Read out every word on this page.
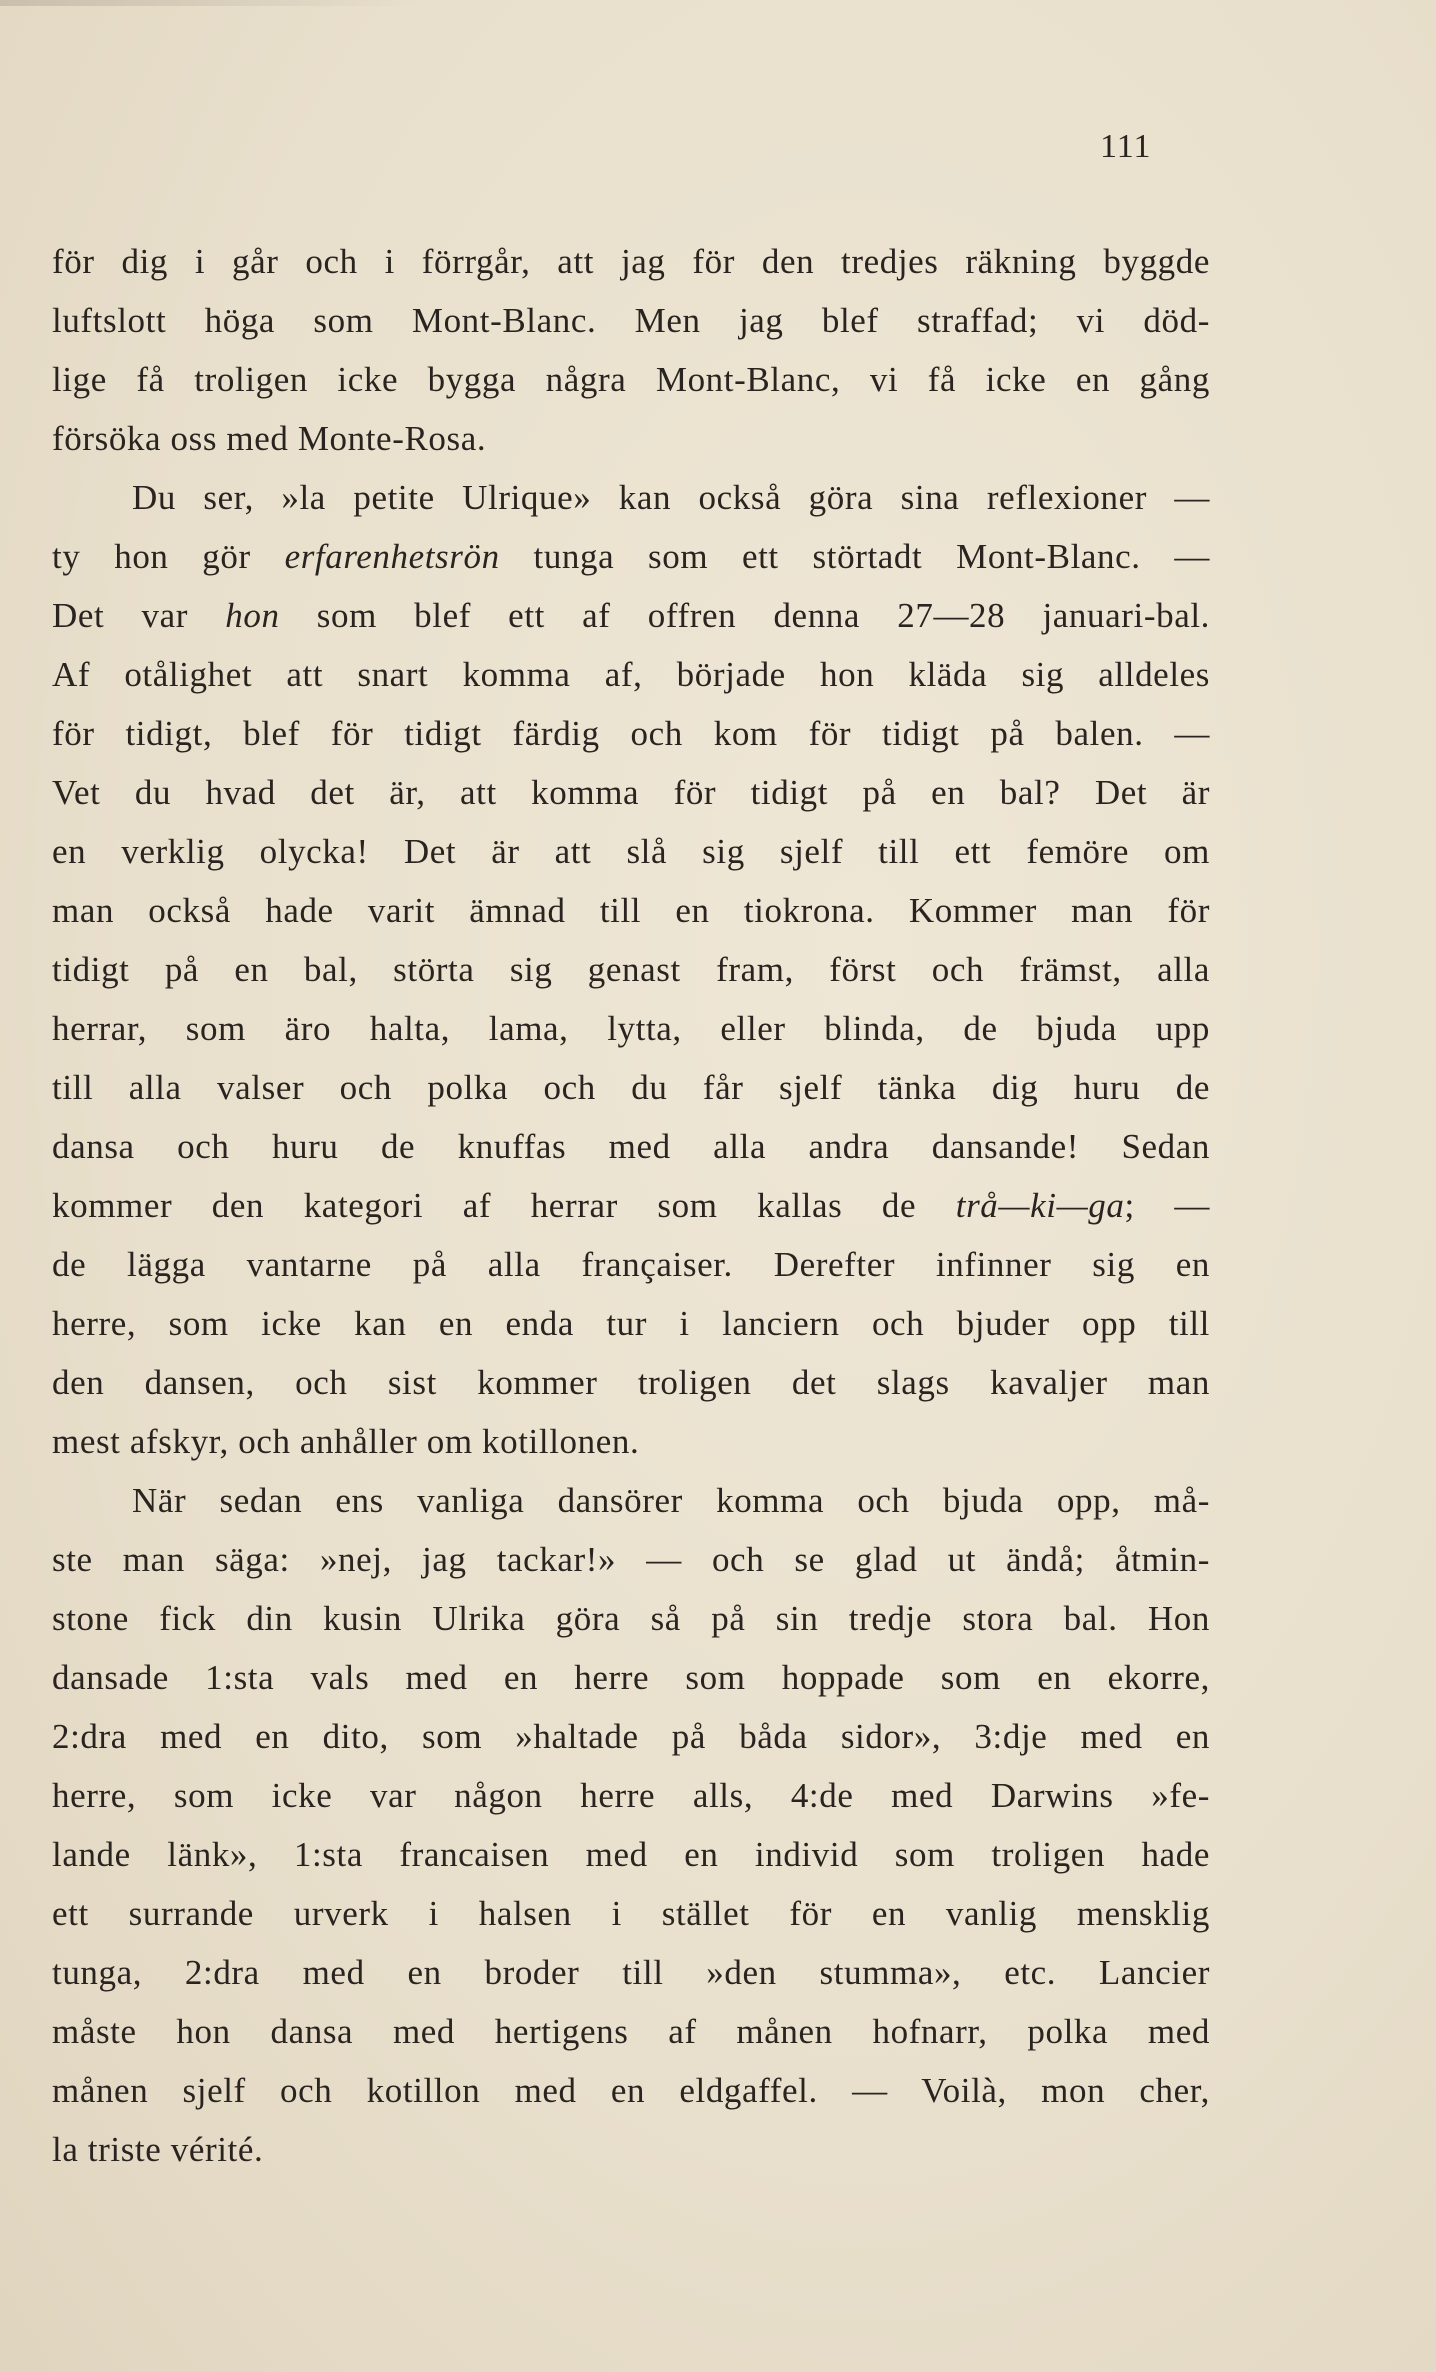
111
för dig i går och i förrgår, att jag för den tredjes räkning byggde
luftslott höga som Mont-Blanc. Men jag blef straffad; vi död-
lige få troligen icke bygga några Mont-Blanc, vi få icke en gång
försöka oss med Monte-Rosa.
Du ser, »la petite Ulrique» kan också göra sina reflexioner —
ty hon gör erfarenhetsrön tunga som ett störtadt Mont-Blanc. —
Det var hon som blef ett af offren denna 27—28 januari-bal.
Af otålighet att snart komma af, började hon kläda sig alldeles
för tidigt, blef för tidigt färdig och kom för tidigt på balen. —
Vet du hvad det är, att komma för tidigt på en bal? Det är
en verklig olycka! Det är att slå sig sjelf till ett femöre om
man också hade varit ämnad till en tiokrona. Kommer man för
tidigt på en bal, störta sig genast fram, först och främst, alla
herrar, som äro halta, lama, lytta, eller blinda, de bjuda upp
till alla valser och polka och du får sjelf tänka dig huru de
dansa och huru de knuffas med alla andra dansande! Sedan
kommer den kategori af herrar som kallas de trå—ki—ga; —
de lägga vantarne på alla françaiser. Derefter infinner sig en
herre, som icke kan en enda tur i lanciern och bjuder opp till
den dansen, och sist kommer troligen det slags kavaljer man
mest afskyr, och anhåller om kotillonen.
När sedan ens vanliga dansörer komma och bjuda opp, må-
ste man säga: »nej, jag tackar!» — och se glad ut ändå; åtmin-
stone fick din kusin Ulrika göra så på sin tredje stora bal. Hon
dansade 1:sta vals med en herre som hoppade som en ekorre,
2:dra med en dito, som »haltade på båda sidor», 3:dje med en
herre, som icke var någon herre alls, 4:de med Darwins »fe-
lande länk», 1:sta francaisen med en individ som troligen hade
ett surrande urverk i halsen i stället för en vanlig mensklig
tunga, 2:dra med en broder till »den stumma», etc. Lancier
måste hon dansa med hertigens af månen hofnarr, polka med
månen sjelf och kotillon med en eldgaffel. — Voilà, mon cher,
la triste vérité.
